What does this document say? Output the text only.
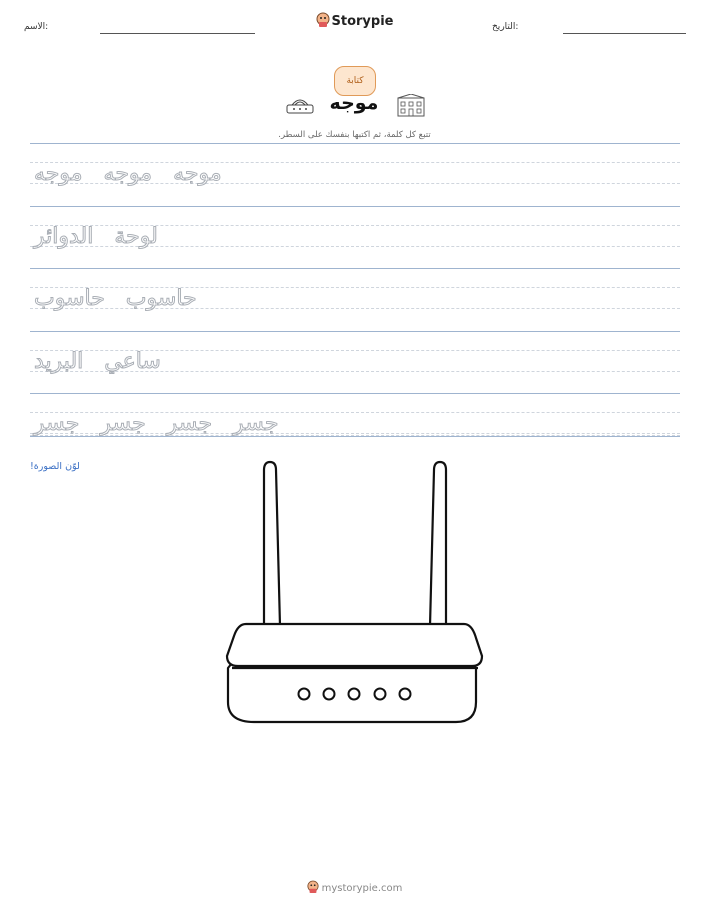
الاسم:	Storypie	التاريخ:
كتابة
موجه
تتبع كل كلمة، ثم اكتبها بنفسك على السطر.
موجه موجه موجه
لوحة الدوائر
حاسوب حاسوب
ساعي البريد
جسر جسر جسر جسر
لوّن الصورة!
mystorypie.com
